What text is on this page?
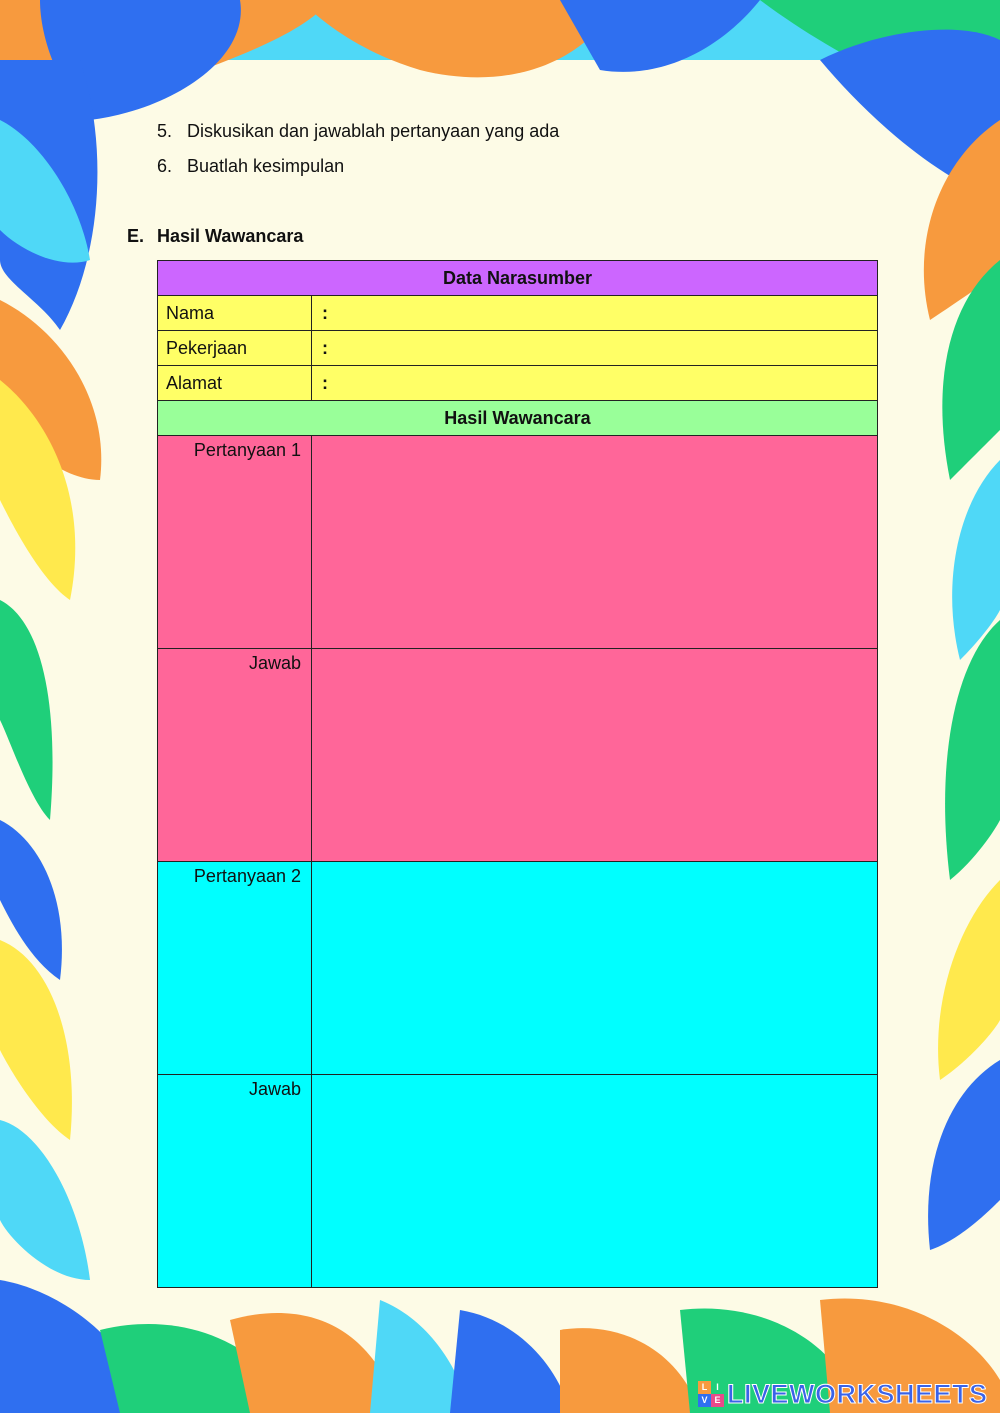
5. Diskusikan dan jawablah pertanyaan yang ada
6. Buatlah kesimpulan
E. Hasil Wawancara
Data Narasumber	
Nama	:
Pekerjaan	:
Alamat	:
Hasil Wawancara	
Pertanyaan 1	
Jawab	
Pertanyaan 2	
Jawab	
L I
V E LIVEWORKSHEETS
